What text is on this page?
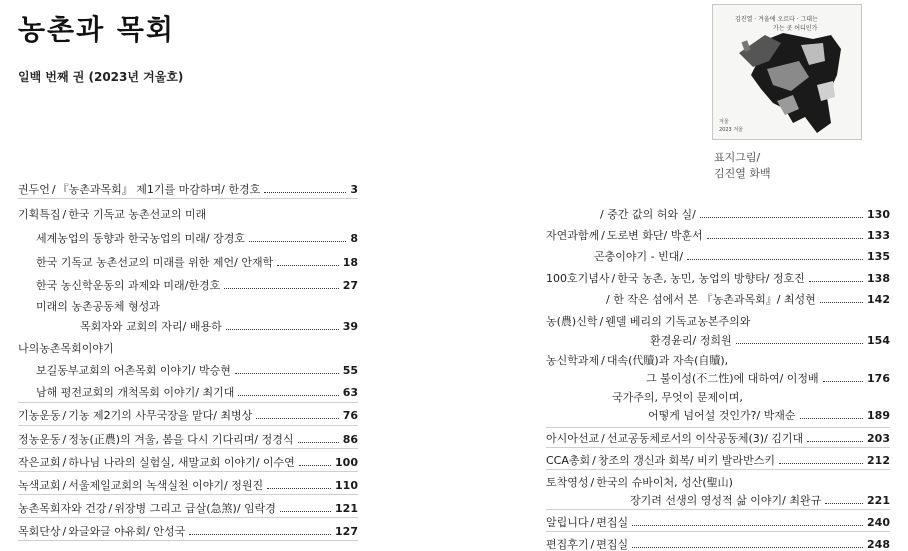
농촌과 목회

일백 번째 권 (2023년 겨울호)

김진열 · 겨울에 오르다 · 그대는
가는 곳 어디인가
겨울
2023 겨울
표지그림/
김진열 화백
권두언 / 『농촌과목회』 제1기를 마감하며/ 한경호	3
기획특집 / 한국 기독교 농촌선교의 미래
세계농업의 동향과 한국농업의 미래/ 장경호	8
한국 기독교 농촌선교의 미래를 위한 제언/ 안재학	18
한국 농신학운동의 과제와 미래/한경호	27
미래의 농촌공동체 형성과
목회자와 교회의 자리/ 배용하	39
나의농촌목회이야기
보길동부교회의 어촌목회 이야기/ 박승현	55
남해 평전교회의 개척목회 이야기/ 최기대	63
기농운동 / 기농 제2기의 사무국장을 맡다/ 최병상	76
정농운동 / 정농(正農)의 겨울, 봄을 다시 기다리며/ 정경식	86
작은교회 / 하나님 나라의 실험실, 새말교회 이야기/ 이수연	100
녹색교회 / 서울제일교회의 녹색실천 이야기/ 정원진	110
농촌목회자와 건강 / 위장병 그리고 급살(急煞)/ 임락경	121
목회단상 / 와글와글 야유회/ 안성국	127
/ 중간 값의 허와 실/	130
자연과함께 / 도로변 화단/ 박훈서	133
곤충이야기 - 빈대/	135
100호기념사 / 한국 농촌, 농민, 농업의 방향타/ 정호진	138
/ 한 작은 섬에서 본 『농촌과목회』/ 최성현	142
농(農)신학 / 웬델 베리의 기독교농본주의와
환경윤리/ 정희원	154
농신학과제 / 대속(代贖)과 자속(自贖),
그 불이성(不二性)에 대하여/ 이정배	176
국가주의, 무엇이 문제이며,
어떻게 넘어설 것인가?/ 박재순	189
아시아선교 / 선교공동체로서의 이삭공동체(3)/ 김기대	203
CCA총회 / 창조의 갱신과 회복/ 비키 발라반스키	212
토착영성 / 한국의 슈바이처, 성산(聖山)
장기려 선생의 영성적 삶 이야기/ 최완규	221
알립니다 / 편집실	240
편집후기 / 편집실	248
